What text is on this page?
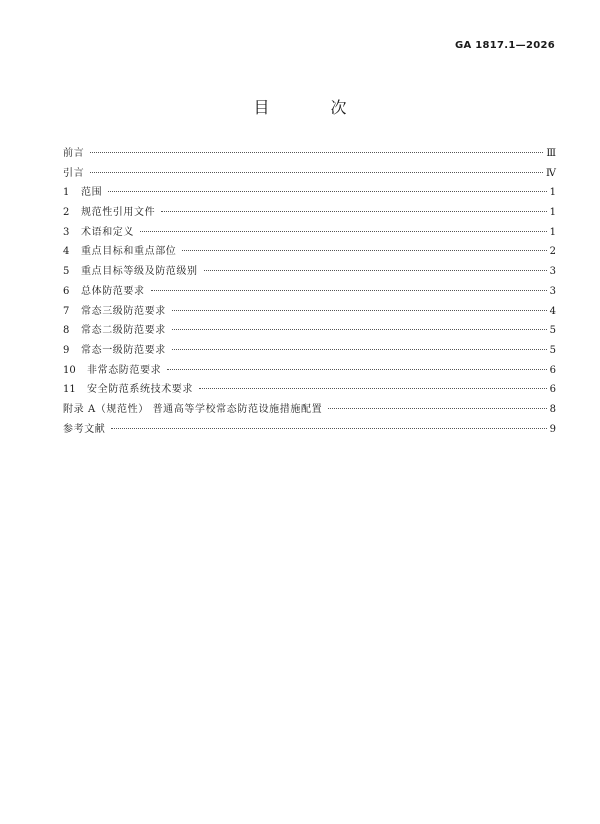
GA 1817.1—2026
目 次
前言	Ⅲ
引言	Ⅳ
1	范围	1
2	规范性引用文件	1
3	术语和定义	1
4	重点目标和重点部位	2
5	重点目标等级及防范级别	3
6	总体防范要求	3
7	常态三级防范要求	4
8	常态二级防范要求	5
9	常态一级防范要求	5
10	非常态防范要求	6
11	安全防范系统技术要求	6
附录 A（规范性） 普通高等学校常态防范设施措施配置	8
参考文献	9
